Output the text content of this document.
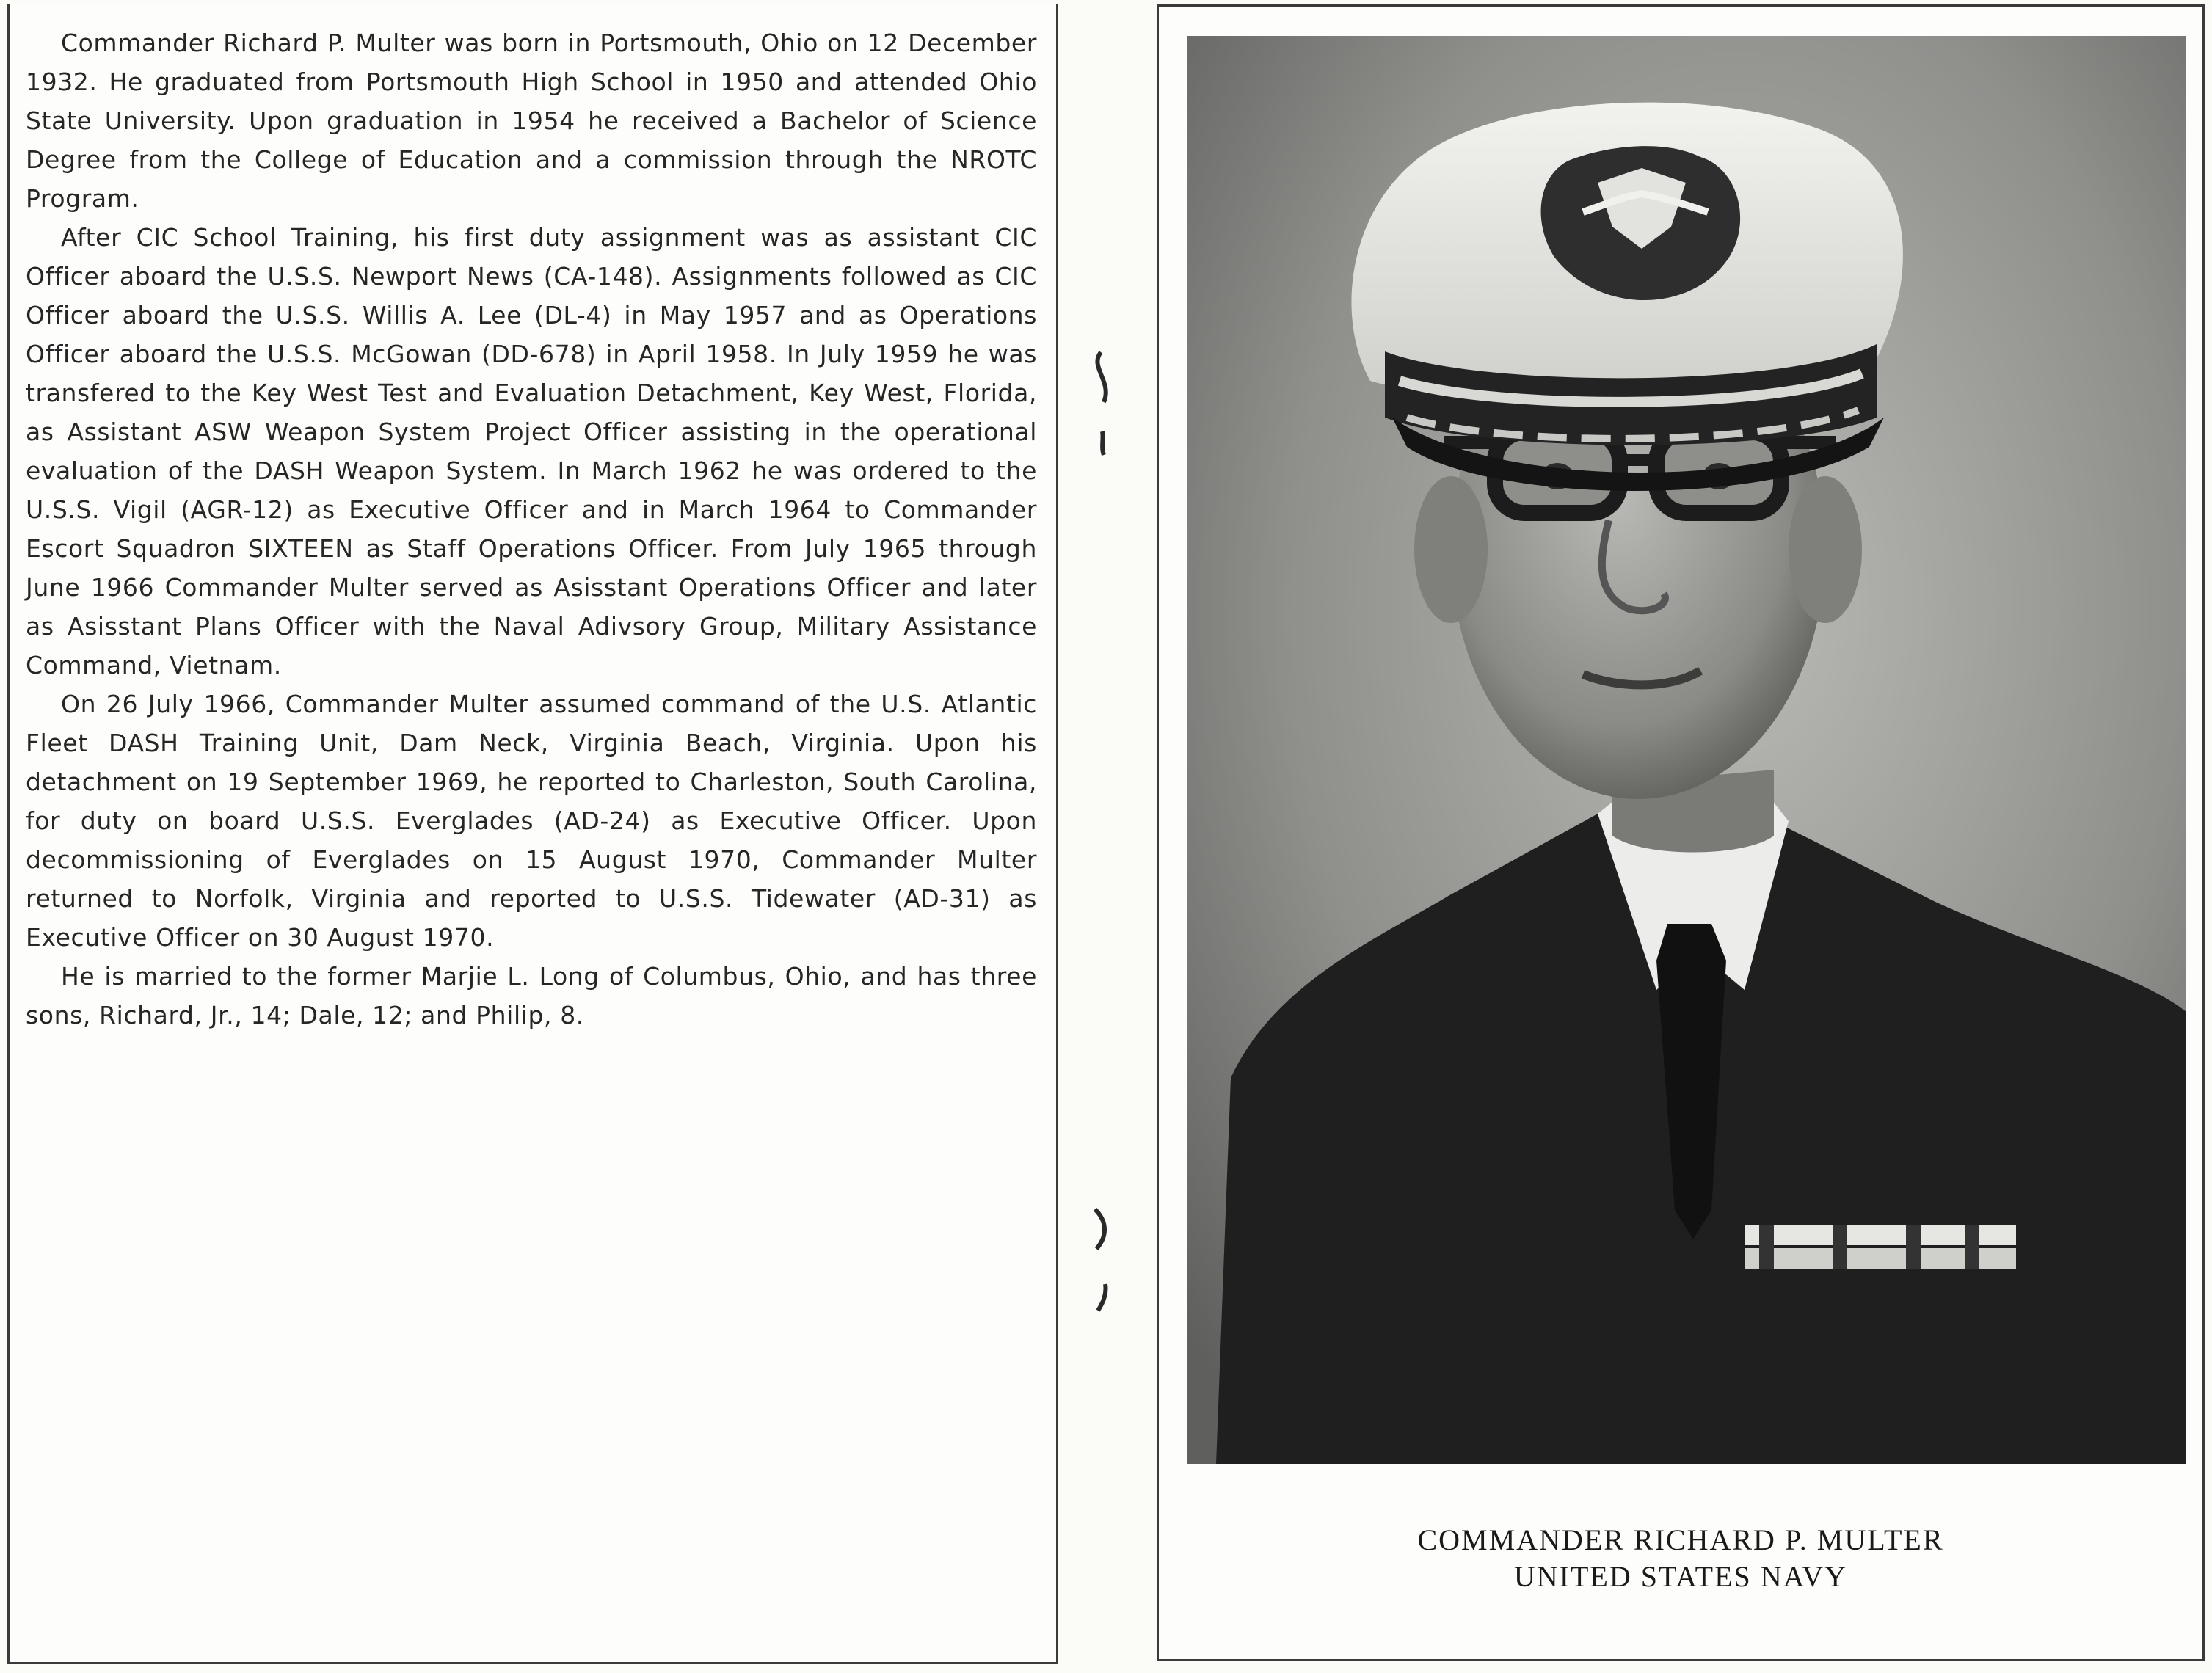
Commander Richard P. Multer was born in Portsmouth, Ohio on 12 December 1932. He graduated from Portsmouth High School in 1950 and attended Ohio State University. Upon graduation in 1954 he received a Bachelor of Science Degree from the College of Education and a commission through the NROTC Program.

After CIC School Training, his first duty assignment was as assistant CIC Officer aboard the U.S.S. Newport News (CA-148). Assignments followed as CIC Officer aboard the U.S.S. Willis A. Lee (DL-4) in May 1957 and as Operations Officer aboard the U.S.S. McGowan (DD-678) in April 1958. In July 1959 he was transfered to the Key West Test and Evaluation Detachment, Key West, Florida, as Assistant ASW Weapon System Project Officer assisting in the operational evaluation of the DASH Weapon System. In March 1962 he was ordered to the U.S.S. Vigil (AGR-12) as Executive Officer and in March 1964 to Commander Escort Squadron SIXTEEN as Staff Operations Officer. From July 1965 through June 1966 Commander Multer served as Asisstant Operations Officer and later as Asisstant Plans Officer with the Naval Adivsory Group, Military Assistance Command, Vietnam.

On 26 July 1966, Commander Multer assumed command of the U.S. Atlantic Fleet DASH Training Unit, Dam Neck, Virginia Beach, Virginia. Upon his detachment on 19 September 1969, he reported to Charleston, South Carolina, for duty on board U.S.S. Everglades (AD-24) as Executive Officer. Upon decommissioning of Everglades on 15 August 1970, Commander Multer returned to Norfolk, Virginia and reported to U.S.S. Tidewater (AD-31) as Executive Officer on 30 August 1970.

He is married to the former Marjie L. Long of Columbus, Ohio, and has three sons, Richard, Jr., 14; Dale, 12; and Philip, 8.

COMMANDER RICHARD P. MULTER
UNITED STATES NAVY
